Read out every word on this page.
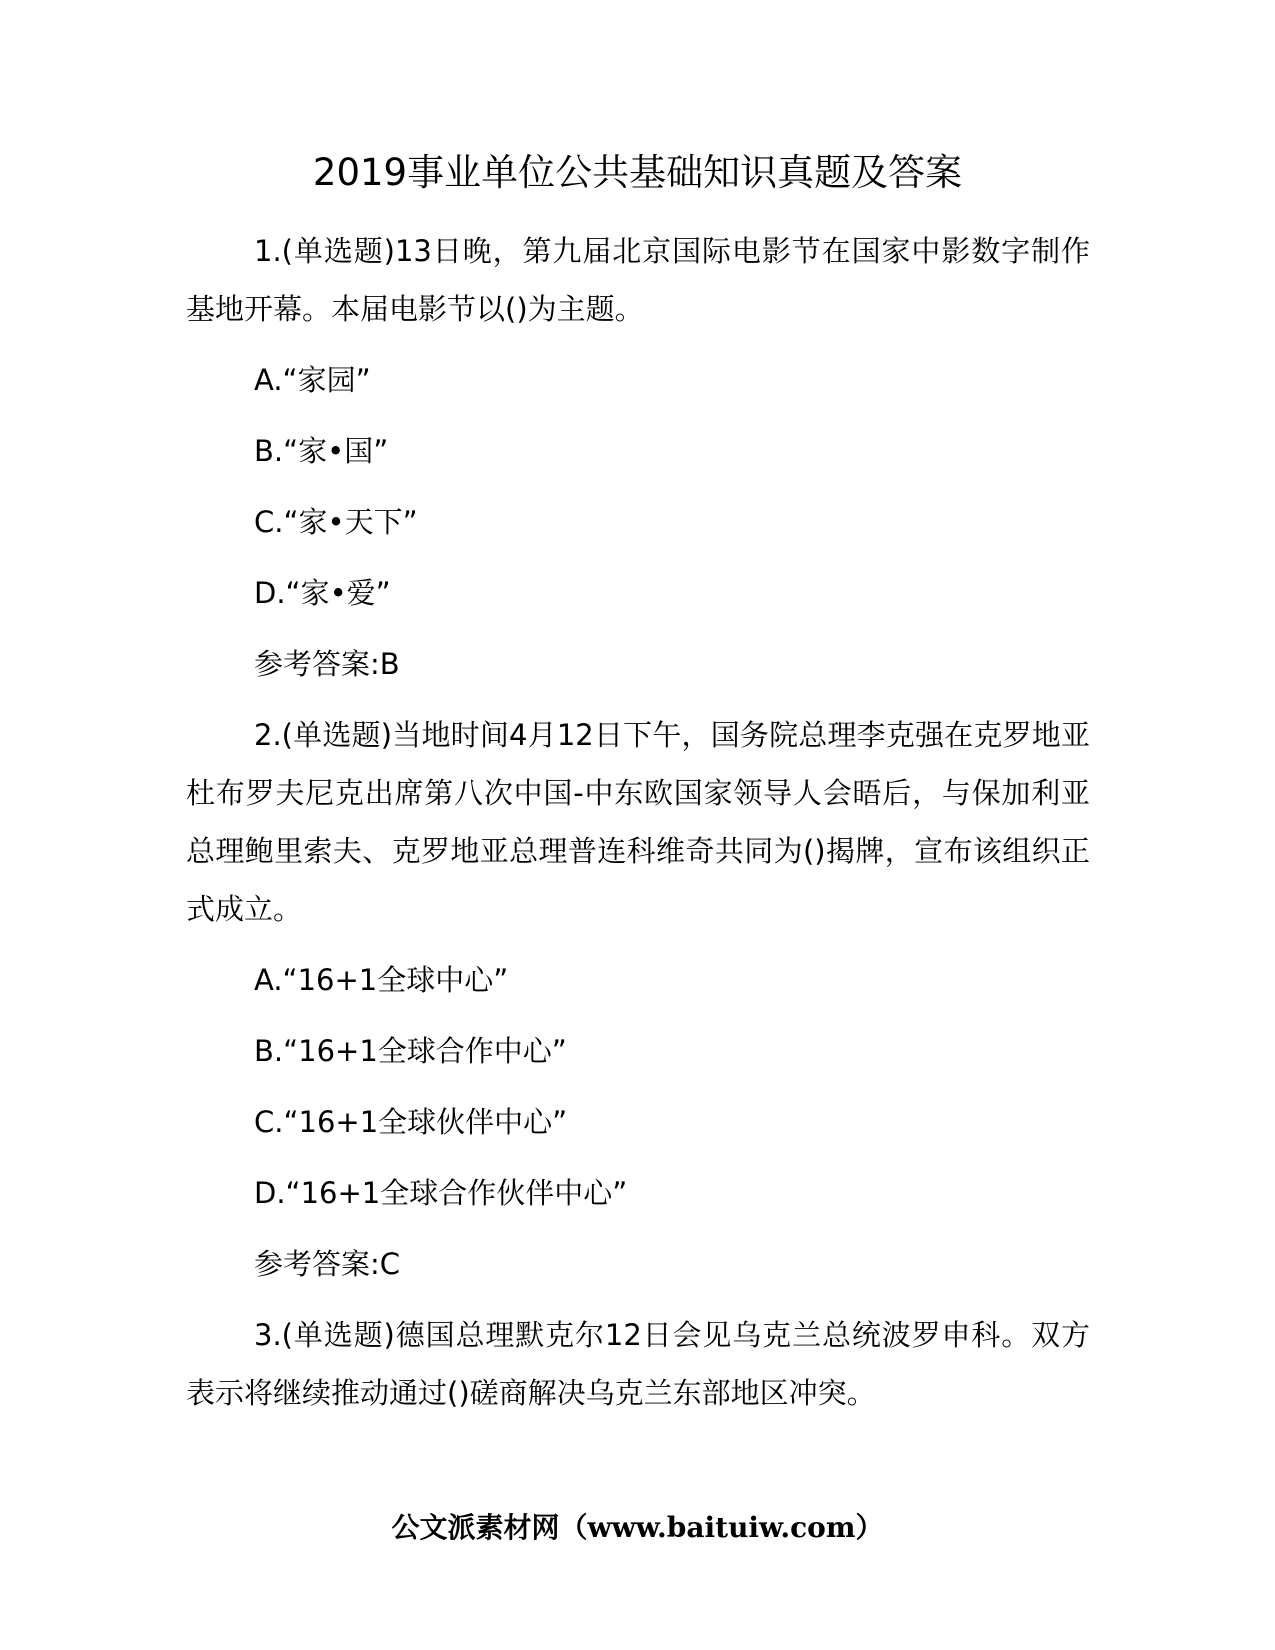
2019事业单位公共基础知识真题及答案
1.(单选题)13日晚，第九届北京国际电影节在国家中影数字制作基地开幕。本届电影节以()为主题。
A.“家园”
B.“家•国”
C.“家•天下”
D.“家•爱”
参考答案:B
2.(单选题)当地时间4月12日下午，国务院总理李克强在克罗地亚杜布罗夫尼克出席第八次中国-中东欧国家领导人会晤后，与保加利亚总理鲍里索夫、克罗地亚总理普连科维奇共同为()揭牌，宣布该组织正式成立。
A.“16+1全球中心”
B.“16+1全球合作中心”
C.“16+1全球伙伴中心”
D.“16+1全球合作伙伴中心”
参考答案:C
3.(单选题)德国总理默克尔12日会见乌克兰总统波罗申科。双方表示将继续推动通过()磋商解决乌克兰东部地区冲突。
公文派素材网（www.baituiw.com）
